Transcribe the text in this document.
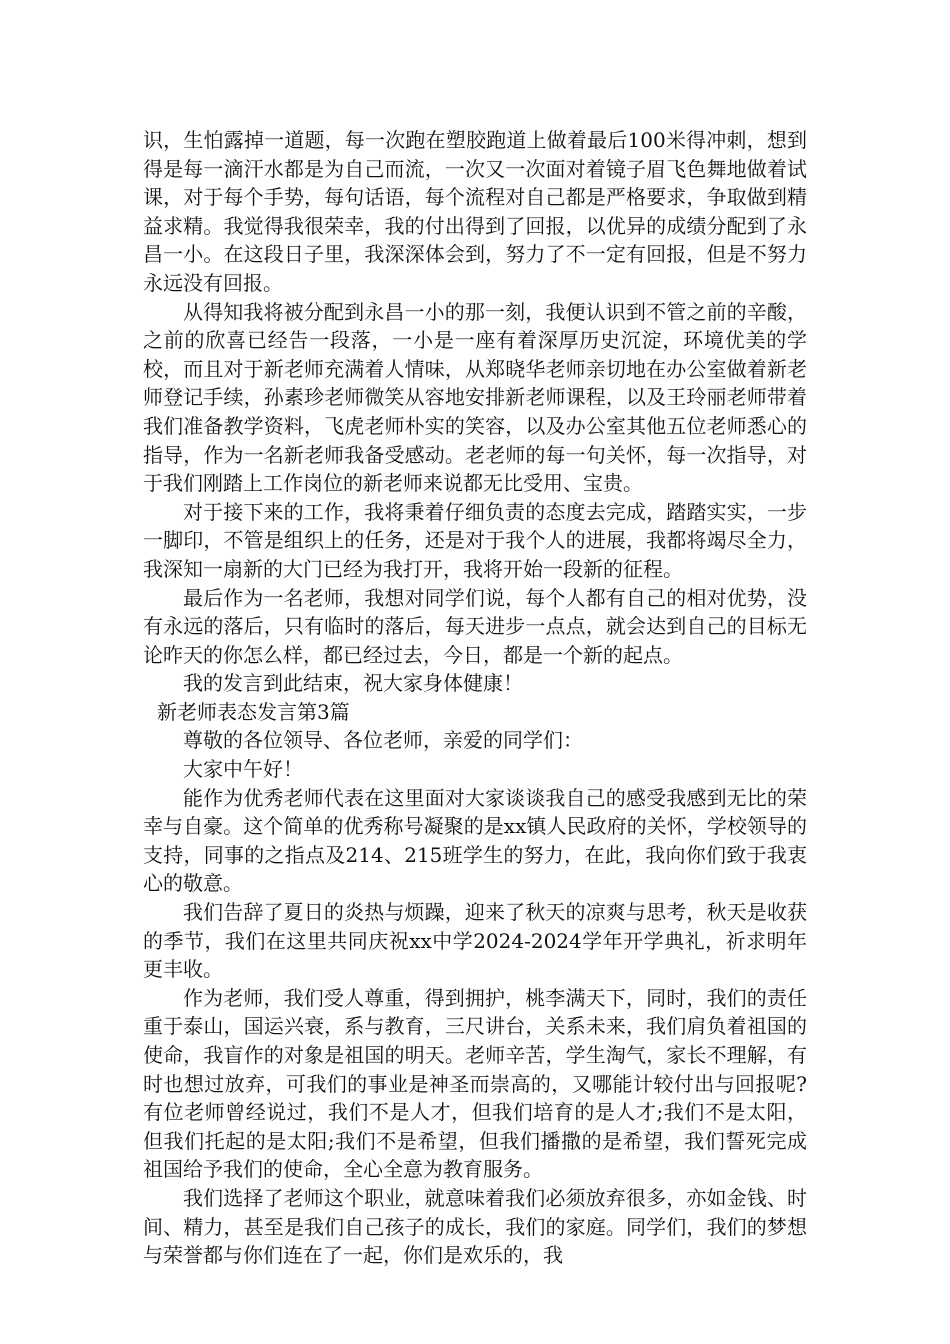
识，生怕露掉一道题，每一次跑在塑胶跑道上做着最后100米得冲刺，想到得是每一滴汗水都是为自己而流，一次又一次面对着镜子眉飞色舞地做着试课，对于每个手势，每句话语，每个流程对自己都是严格要求，争取做到精益求精。我觉得我很荣幸，我的付出得到了回报，以优异的成绩分配到了永昌一小。在这段日子里，我深深体会到，努力了不一定有回报，但是不努力永远没有回报。

从得知我将被分配到永昌一小的那一刻，我便认识到不管之前的辛酸，之前的欣喜已经告一段落，一小是一座有着深厚历史沉淀，环境优美的学校，而且对于新老师充满着人情味，从郑晓华老师亲切地在办公室做着新老师登记手续，孙素珍老师微笑从容地安排新老师课程，以及王玲丽老师带着我们准备教学资料，飞虎老师朴实的笑容，以及办公室其他五位老师悉心的指导，作为一名新老师我备受感动。老老师的每一句关怀，每一次指导，对于我们刚踏上工作岗位的新老师来说都无比受用、宝贵。

对于接下来的工作，我将秉着仔细负责的态度去完成，踏踏实实，一步一脚印，不管是组织上的任务，还是对于我个人的进展，我都将竭尽全力，我深知一扇新的大门已经为我打开，我将开始一段新的征程。

最后作为一名老师，我想对同学们说，每个人都有自己的相对优势，没有永远的落后，只有临时的落后，每天进步一点点，就会达到自己的目标无论昨天的你怎么样，都已经过去，今日，都是一个新的起点。

我的发言到此结束，祝大家身体健康！

新老师表态发言第3篇

尊敬的各位领导、各位老师，亲爱的同学们：

大家中午好！

能作为优秀老师代表在这里面对大家谈谈我自己的感受我感到无比的荣幸与自豪。这个简单的优秀称号凝聚的是xx镇人民政府的关怀，学校领导的支持，同事的之指点及214、215班学生的努力，在此，我向你们致于我衷心的敬意。

我们告辞了夏日的炎热与烦躁，迎来了秋天的凉爽与思考，秋天是收获的季节，我们在这里共同庆祝xx中学2024-2024学年开学典礼，祈求明年更丰收。

作为老师，我们受人尊重，得到拥护，桃李满天下，同时，我们的责任重于泰山，国运兴衰，系与教育，三尺讲台，关系未来，我们肩负着祖国的使命，我盲作的对象是祖国的明天。老师辛苦，学生淘气，家长不理解，有时也想过放弃，可我们的事业是神圣而崇高的，又哪能计较付出与回报呢?有位老师曾经说过，我们不是人才，但我们培育的是人才;我们不是太阳，但我们托起的是太阳;我们不是希望，但我们播撒的是希望，我们誓死完成祖国给予我们的使命，全心全意为教育服务。

我们选择了老师这个职业，就意味着我们必须放弃很多，亦如金钱、时间、精力，甚至是我们自己孩子的成长，我们的家庭。同学们，我们的梦想与荣誉都与你们连在了一起，你们是欢乐的，我
